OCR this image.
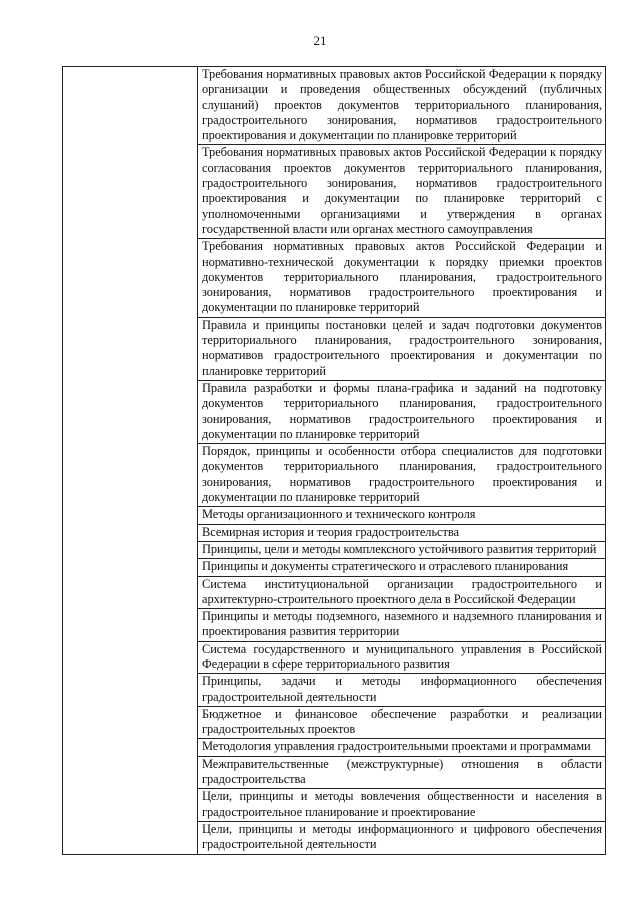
21

Требования нормативных правовых актов Российской Федерации к порядку организации и проведения общественных обсуждений (публичных слушаний) проектов документов территориального планирования, градостроительного зонирования, нормативов градостроительного проектирования и документации по планировке территорий

Требования нормативных правовых актов Российской Федерации к порядку согласования проектов документов территориального планирования, градостроительного зонирования, нормативов градостроительного проектирования и документации по планировке территорий с уполномоченными организациями и утверждения в органах государственной власти или органах местного самоуправления

Требования нормативных правовых актов Российской Федерации и нормативно-технической документации к порядку приемки проектов документов территориального планирования, градостроительного зонирования, нормативов градостроительного проектирования и документации по планировке территорий

Правила и принципы постановки целей и задач подготовки документов территориального планирования, градостроительного зонирования, нормативов градостроительного проектирования и документации по планировке территорий

Правила разработки и формы плана-графика и заданий на подготовку документов территориального планирования, градостроительного зонирования, нормативов градостроительного проектирования и документации по планировке территорий

Порядок, принципы и особенности отбора специалистов для подготовки документов территориального планирования, градостроительного зонирования, нормативов градостроительного проектирования и документации по планировке территорий

Методы организационного и технического контроля

Всемирная история и теория градостроительства

Принципы, цели и методы комплексного устойчивого развития территорий

Принципы и документы стратегического и отраслевого планирования

Система институциональной организации градостроительного и архитектурно-строительного проектного дела в Российской Федерации

Принципы и методы подземного, наземного и надземного планирования и проектирования развития территории

Система государственного и муниципального управления в Российской Федерации в сфере территориального развития

Принципы, задачи и методы информационного обеспечения градостроительной деятельности

Бюджетное и финансовое обеспечение разработки и реализации градостроительных проектов

Методология управления градостроительными проектами и программами

Межправительственные (межструктурные) отношения в области градостроительства

Цели, принципы и методы вовлечения общественности и населения в градостроительное планирование и проектирование

Цели, принципы и методы информационного и цифрового обеспечения градостроительной деятельности
